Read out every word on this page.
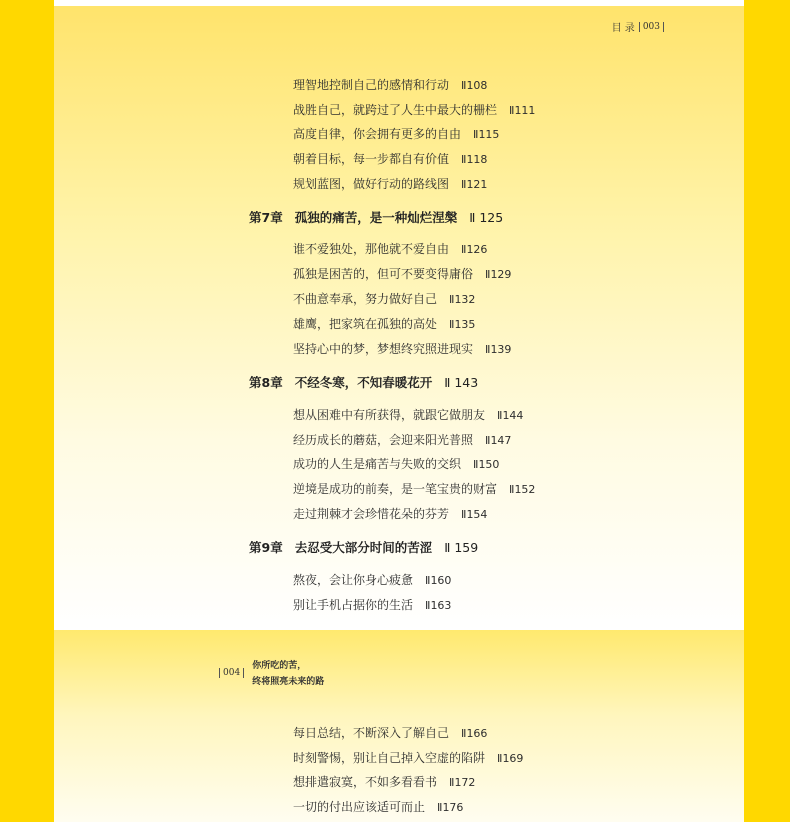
目 录 003
理智地控制自己的感情和行动 Ⅱ108
战胜自己，就跨过了人生中最大的栅栏 Ⅱ111
高度自律，你会拥有更多的自由 Ⅱ115
朝着目标，每一步都自有价值 Ⅱ118
规划蓝图，做好行动的路线图 Ⅱ121
第7章 孤独的痛苦，是一种灿烂涅槃 Ⅱ 125
谁不爱独处，那他就不爱自由 Ⅱ126
孤独是困苦的，但可不要变得庸俗 Ⅱ129
不曲意奉承，努力做好自己 Ⅱ132
雄鹰，把家筑在孤独的高处 Ⅱ135
坚持心中的梦，梦想终究照进现实 Ⅱ139
第8章 不经冬寒，不知春暖花开 Ⅱ 143
想从困难中有所获得，就跟它做朋友 Ⅱ144
经历成长的蘑菇，会迎来阳光普照 Ⅱ147
成功的人生是痛苦与失败的交织 Ⅱ150
逆境是成功的前奏，是一笔宝贵的财富 Ⅱ152
走过荆棘才会珍惜花朵的芬芳 Ⅱ154
第9章 去忍受大部分时间的苦涩 Ⅱ 159
熬夜，会让你身心疲惫 Ⅱ160
别让手机占据你的生活 Ⅱ163
004
你所吃的苦，
终将照亮未来的路
每日总结，不断深入了解自己 Ⅱ166
时刻警惕，别让自己掉入空虚的陷阱 Ⅱ169
想排遣寂寞，不如多看看书 Ⅱ172
一切的付出应该适可而止 Ⅱ176
